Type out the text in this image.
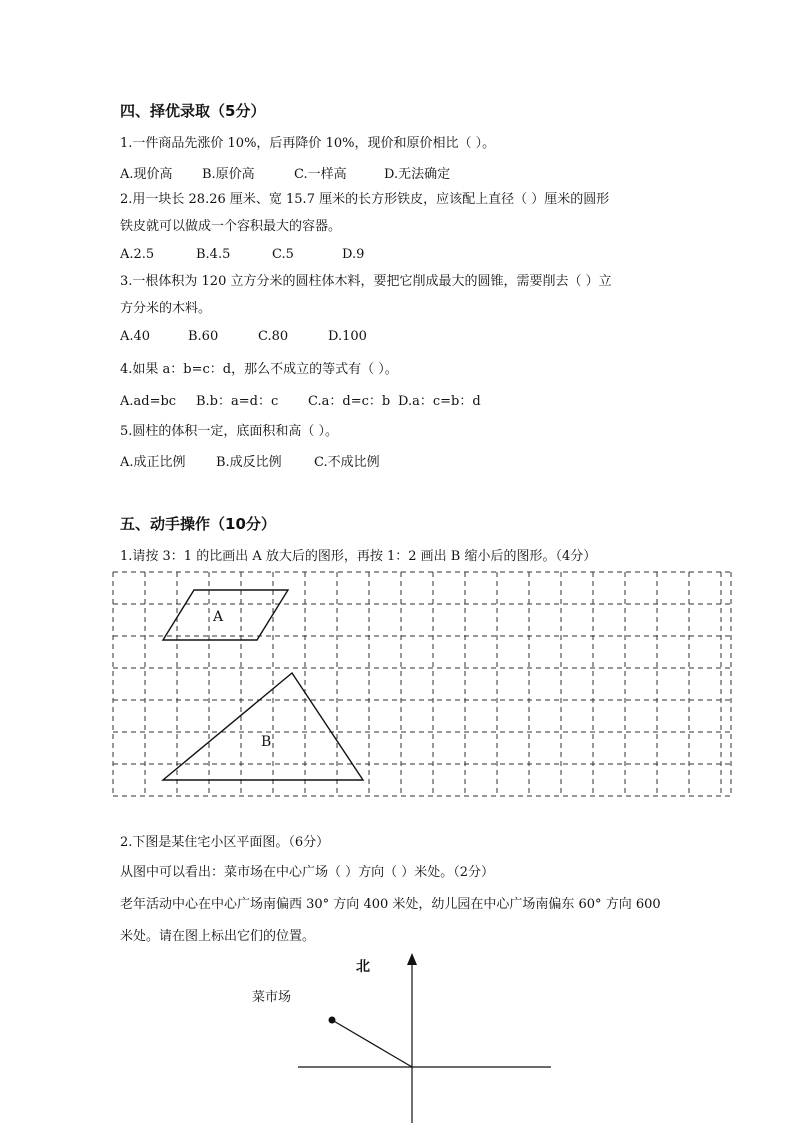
四、择优录取（5分）
1.一件商品先涨价 10%，后再降价 10%，现价和原价相比（ ）。
A.现价高 B.原价高	C.一样高	D.无法确定
2.用一块长 28.26 厘米、宽 15.7 厘米的长方形铁皮，应该配上直径（ ）厘米的圆形
铁皮就可以做成一个容积最大的容器。
A.2.5	B.4.5	C.5	D.9
3.一根体积为 120 立方分米的圆柱体木料，要把它削成最大的圆锥，需要削去（ ）立
方分米的木料。
A.40	B.60	C.80	D.100
4.如果 a：b=c：d，那么不成立的等式有（ ）。
A.ad=bc B.b：a=d：c C.a：d=c：b D.a：c=b：d
5.圆柱的体积一定，底面积和高（ ）。
A.成正比例 B.成反比例 C.不成比例
五、动手操作（10分）
1.请按 3：1 的比画出 A 放大后的图形，再按 1：2 画出 B 缩小后的图形。（4分）
A
B
2.下图是某住宅小区平面图。（6分）
从图中可以看出：菜市场在中心广场（ ）方向（ ）米处。（2分）
老年活动中心在中心广场南偏西 30° 方向 400 米处，幼儿园在中心广场南偏东 60° 方向 600
米处。请在图上标出它们的位置。
北
菜市场
